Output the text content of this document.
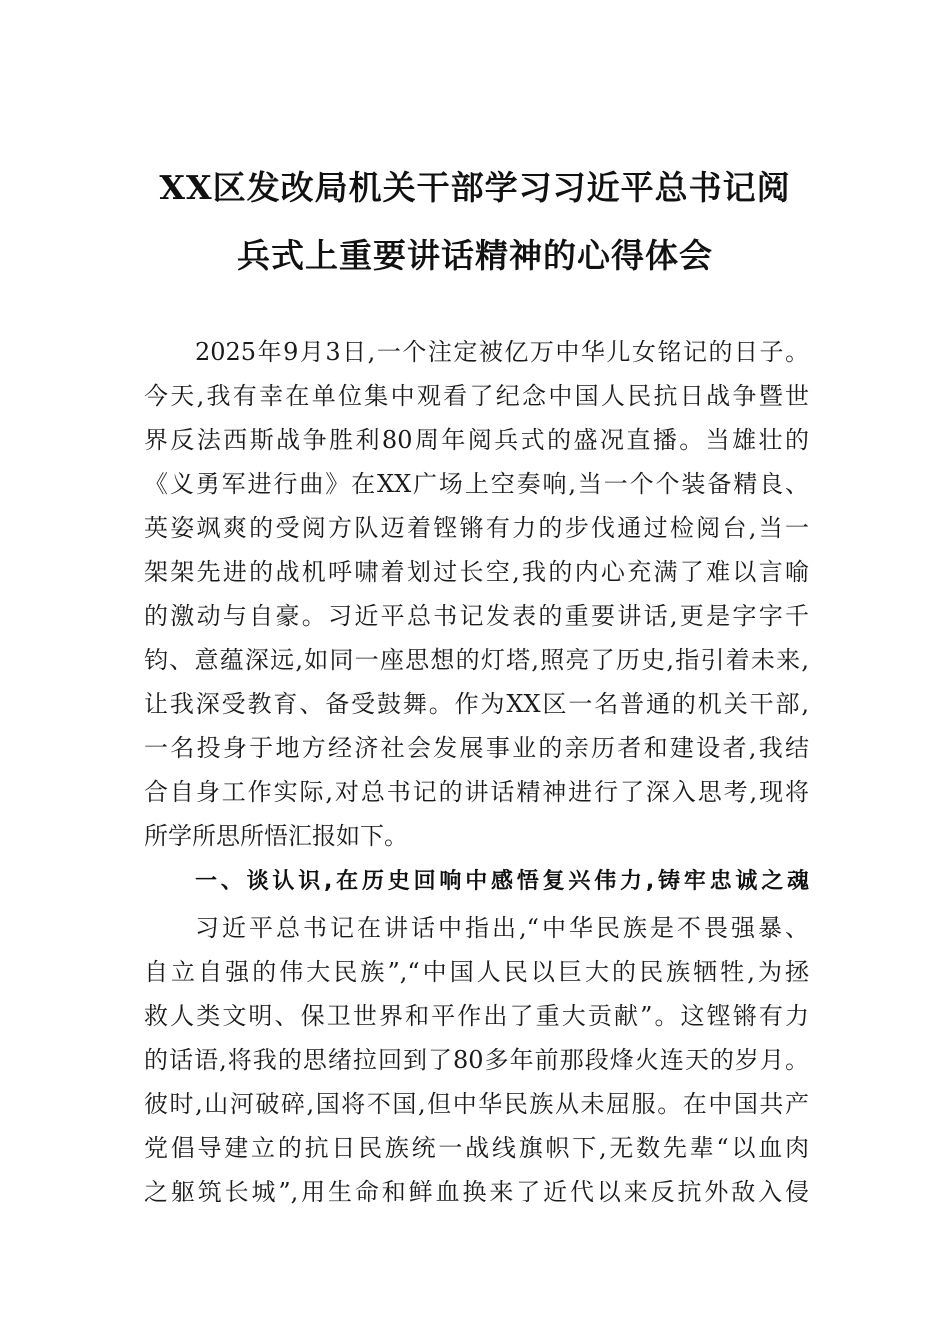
XX区发改局机关干部学习习近平总书记阅
兵式上重要讲话精神的心得体会
2025年9月3日,一个注定被亿万中华儿女铭记的日子。
今天,我有幸在单位集中观看了纪念中国人民抗日战争暨世
界反法西斯战争胜利80周年阅兵式的盛况直播。当雄壮的
《义勇军进行曲》在XX广场上空奏响,当一个个装备精良、
英姿飒爽的受阅方队迈着铿锵有力的步伐通过检阅台,当一
架架先进的战机呼啸着划过长空,我的内心充满了难以言喻
的激动与自豪。习近平总书记发表的重要讲话,更是字字千
钧、意蕴深远,如同一座思想的灯塔,照亮了历史,指引着未来,
让我深受教育、备受鼓舞。作为XX区一名普通的机关干部,
一名投身于地方经济社会发展事业的亲历者和建设者,我结
合自身工作实际,对总书记的讲话精神进行了深入思考,现将
所学所思所悟汇报如下。
一、谈认识,在历史回响中感悟复兴伟力,铸牢忠诚之魂
习近平总书记在讲话中指出,“中华民族是不畏强暴、
自立自强的伟大民族”,“中国人民以巨大的民族牺牲,为拯
救人类文明、保卫世界和平作出了重大贡献”。这铿锵有力
的话语,将我的思绪拉回到了80多年前那段烽火连天的岁月。
彼时,山河破碎,国将不国,但中华民族从未屈服。在中国共产
党倡导建立的抗日民族统一战线旗帜下,无数先辈“以血肉
之躯筑长城”,用生命和鲜血换来了近代以来反抗外敌入侵
